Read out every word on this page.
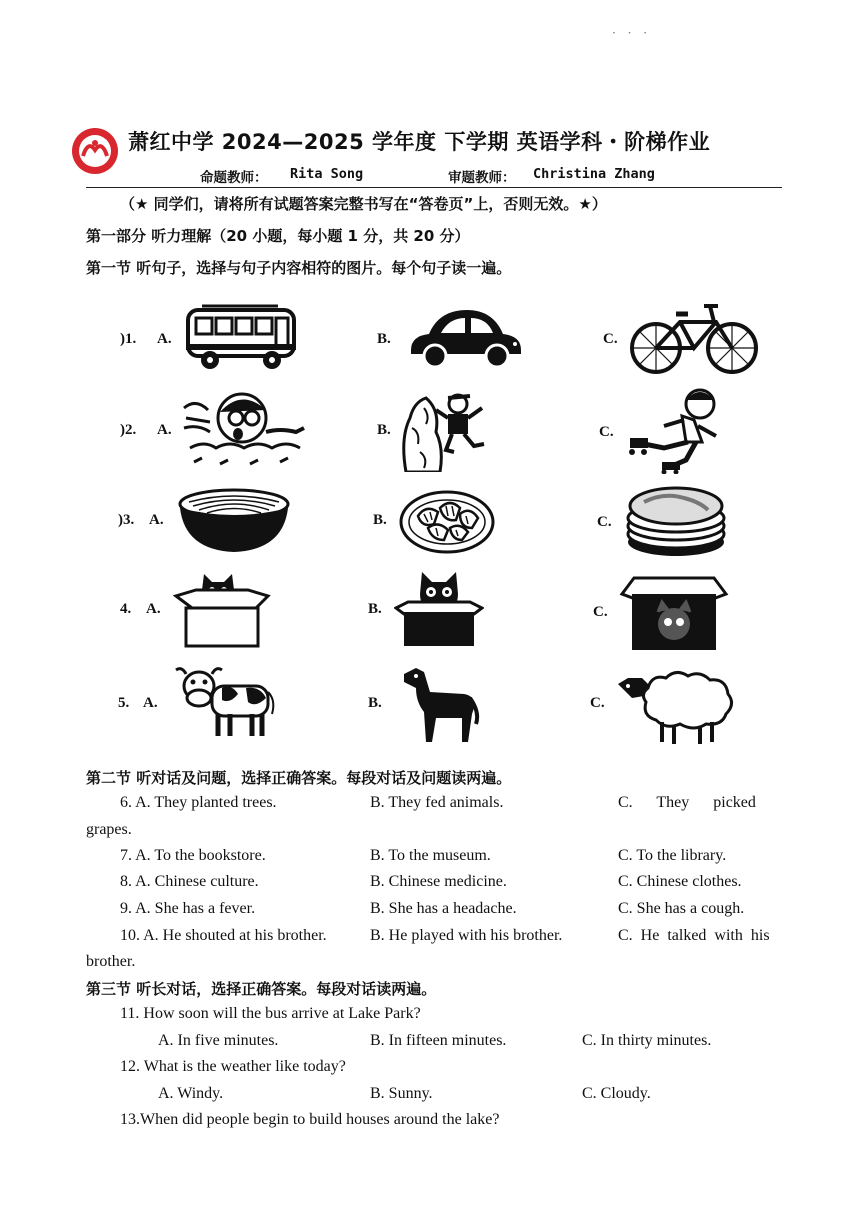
· · ·
萧红中学 2024—2025 学年度 下学期 英语学科・阶梯作业
命题教师： Rita Song	审题教师： Christina Zhang
（★ 同学们，请将所有试题答案完整书写在“答卷页”上，否则无效。★）
第一部分 听力理解（20 小题，每小题 1 分，共 20 分）
第一节 听句子，选择与句子内容相符的图片。每个句子读一遍。
)1. A.	B.	C.
)2. A.	B.	C.
)3. A.	B.	C.
4. A.	B.	C.
5. A.	B.	C.
第二节 听对话及问题，选择正确答案。每段对话及问题读两遍。
6. A. They planted trees.	B. They fed animals.	C.      They      picked
grapes.
7. A. To the bookstore.	B. To the museum.	C. To the library.
8. A. Chinese culture.	B. Chinese medicine.	C. Chinese clothes.
9. A. She has a fever.	B. She has a headache.	C. She has a cough.
10. A. He shouted at his brother.	B. He played with his brother.	C.  He  talked  with  his
brother.
第三节 听长对话，选择正确答案。每段对话读两遍。
11. How soon will the bus arrive at Lake Park?
A. In five minutes.	B. In fifteen minutes.	C. In thirty minutes.
12. What is the weather like today?
A. Windy.	B. Sunny.	C. Cloudy.
13.When did people begin to build houses around the lake?
